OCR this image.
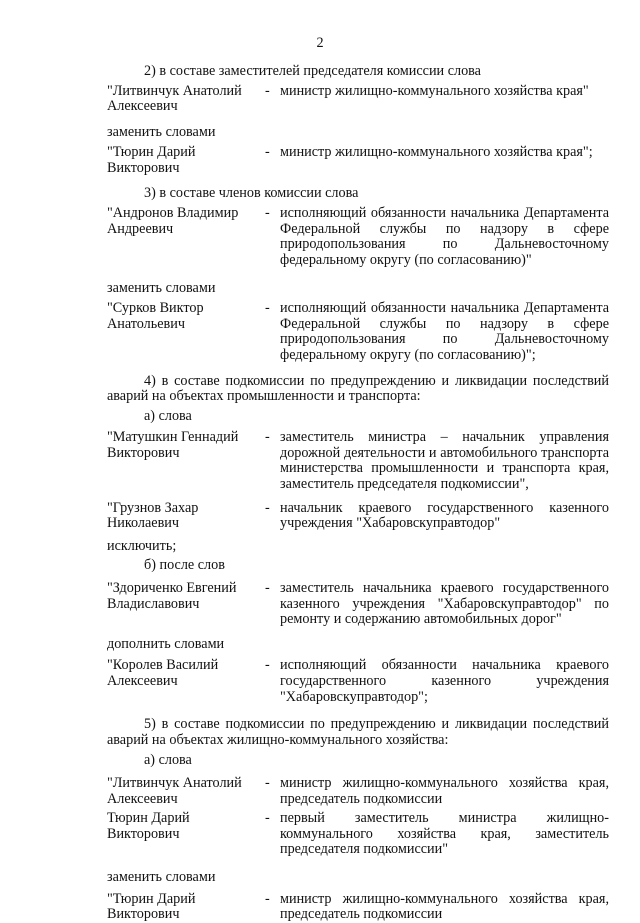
2
2) в составе заместителей председателя комиссии слова
"Литвинчук Анатолий Алексеевич
- министр жилищно-коммунального хозяйства края"
заменить словами
"Тюрин Дарий Викторович
- министр жилищно-коммунального хозяйства края";
3) в составе членов комиссии слова
"Андронов Владимир Андреевич
- исполняющий обязанности начальника Департамента Федеральной службы по надзору в сфере природопользования по Дальневосточному федеральному округу (по согласованию)"
заменить словами
"Сурков Виктор Анатольевич
- исполняющий обязанности начальника Департамента Федеральной службы по надзору в сфере природопользования по Дальневосточному федеральному округу (по согласованию)";
4) в составе подкомиссии по предупреждению и ликвидации последствий аварий на объектах промышленности и транспорта:
а) слова
"Матушкин Геннадий Викторович
- заместитель министра – начальник управления дорожной деятельности и автомобильного транспорта министерства промышленности и транспорта края, заместитель председателя подкомиссии",
"Грузнов Захар Николаевич
- начальник краевого государственного казенного учреждения "Хабаровскуправтодор"
исключить;
б) после слов
"Здориченко Евгений Владиславович
- заместитель начальника краевого государственного казенного учреждения "Хабаровскуправтодор" по ремонту и содержанию автомобильных дорог"
дополнить словами
"Королев Василий Алексеевич
- исполняющий обязанности начальника краевого государственного казенного учреждения "Хабаровскуправтодор";
5) в составе подкомиссии по предупреждению и ликвидации последствий аварий на объектах жилищно-коммунального хозяйства:
а) слова
"Литвинчук Анатолий Алексеевич
- министр жилищно-коммунального хозяйства края, председатель подкомиссии
Тюрин Дарий Викторович
- первый заместитель министра жилищно-коммунального хозяйства края, заместитель председателя подкомиссии"
заменить словами
"Тюрин Дарий Викторович
- министр жилищно-коммунального хозяйства края, председатель подкомиссии
